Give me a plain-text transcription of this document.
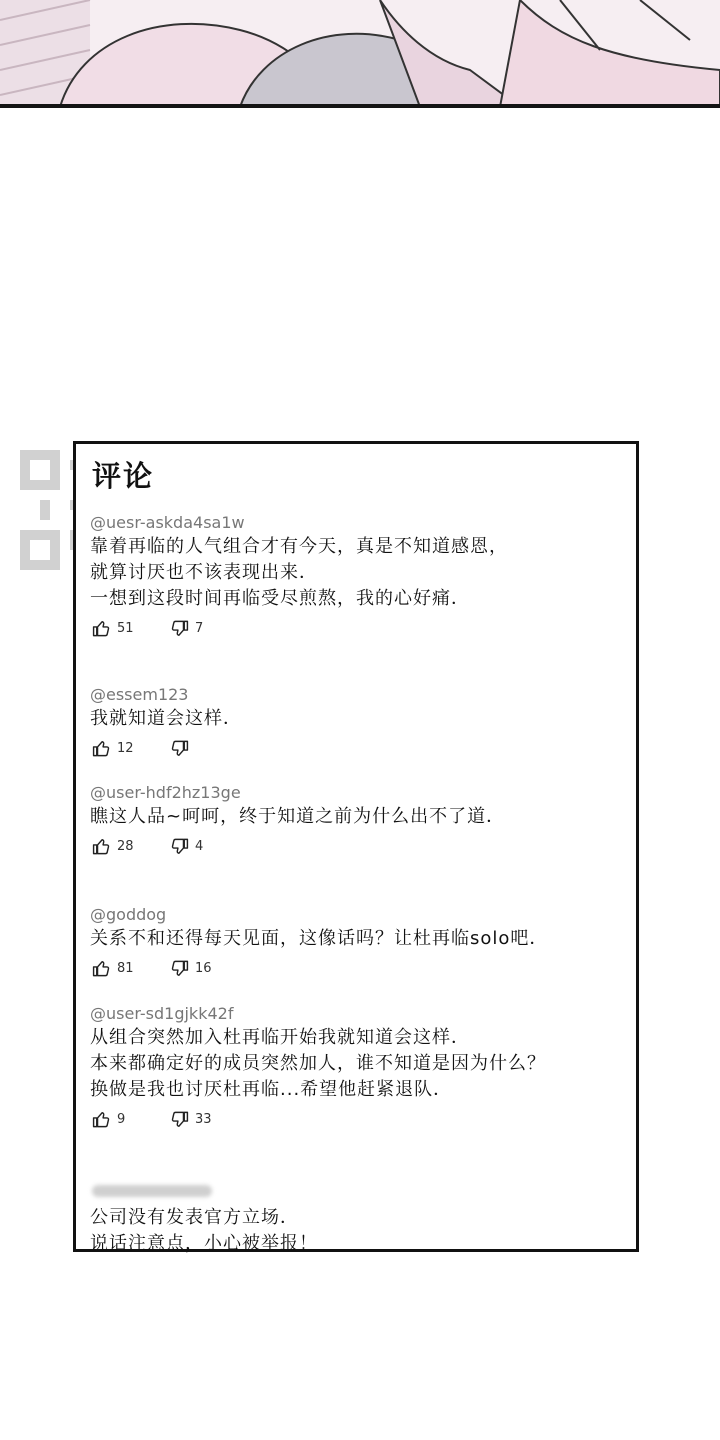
评论
@uesr-askda4sa1w
靠着再临的人气组合才有今天，真是不知道感恩，
就算讨厌也不该表现出来．
一想到这段时间再临受尽煎熬，我的心好痛．
51	7
@essem123
我就知道会这样．
12
@user-hdf2hz13ge
瞧这人品~呵呵，终于知道之前为什么出不了道．
28	4
@goddog
关系不和还得每天见面，这像话吗？让杜再临solo吧．
81	16
@user-sd1gjkk42f
从组合突然加入杜再临开始我就知道会这样．
本来都确定好的成员突然加人，谁不知道是因为什么？
换做是我也讨厌杜再临...希望他赶紧退队．
9	33
公司没有发表官方立场．
说话注意点，小心被举报！
